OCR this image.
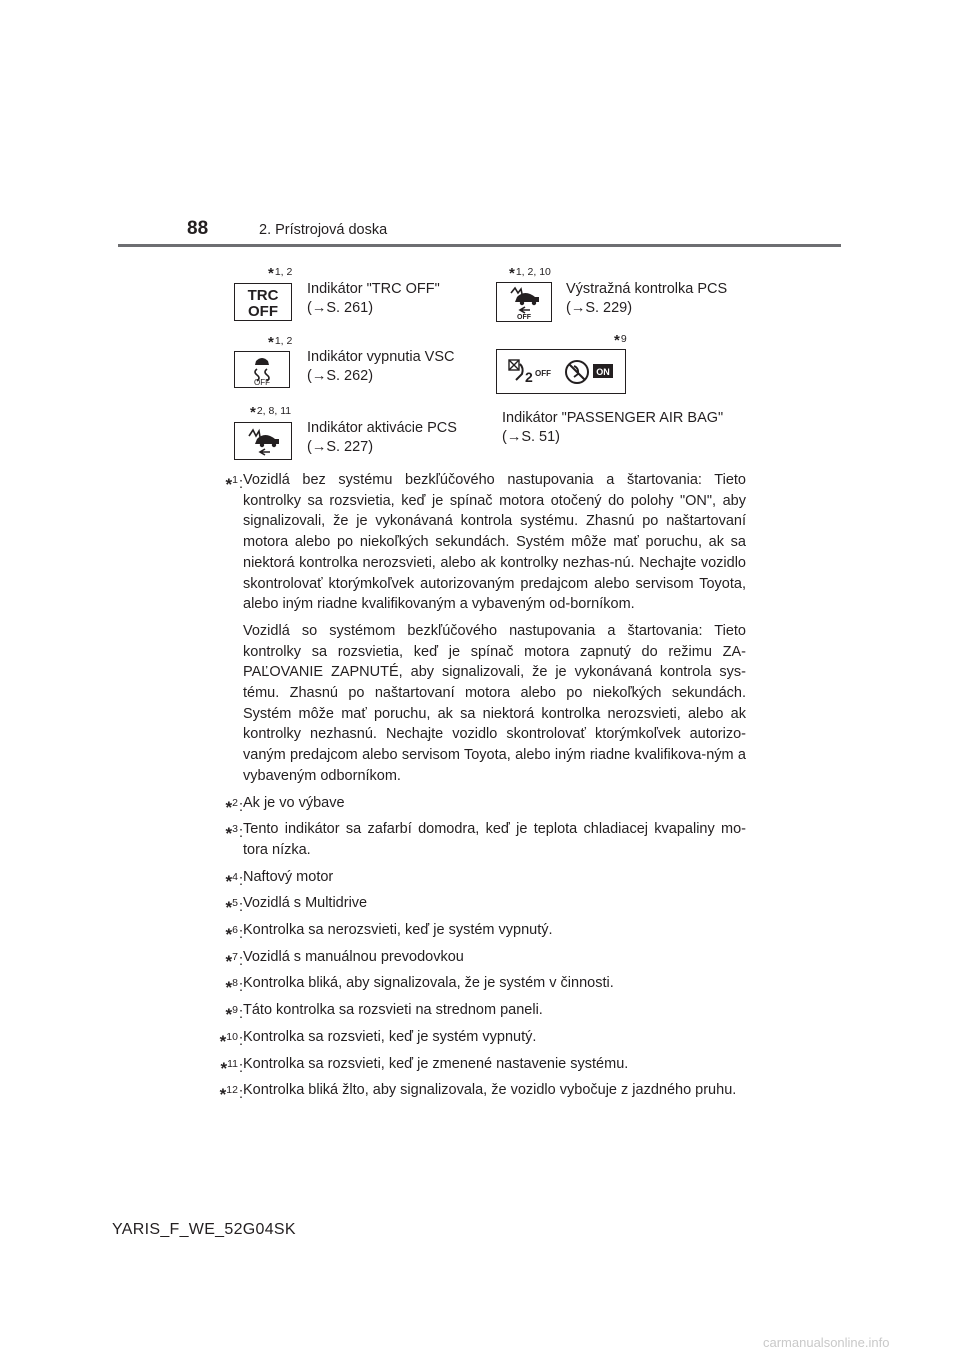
88	2. Prístrojová doska
*1, 2
TRC
OFF
Indikátor "TRC OFF"
(→S. 261)
*1, 2, 10
OFF
Výstražná kontrolka PCS
(→S. 229)
*1, 2
OFF
Indikátor vypnutia VSC
(→S. 262)
*9
2 OFF	ON
*2, 8, 11
Indikátor aktivácie PCS
(→S. 227)
Indikátor "PASSENGER AIR BAG"
(→S. 51)
*$^1$: Vozidlá bez systému bezkľúčového nastupovania a štartovania: Tieto kontrolky sa rozsvietia, keď je spínač motora otočený do polohy "ON", aby signalizovali, že je vykonávaná kontrola systému. Zhasnú po naštartovaní motora alebo po niekoľkých sekundách. Systém môže mať poruchu, ak sa niektorá kontrolka nerozsvieti, alebo ak kontrolky nezhas-nú. Nechajte vozidlo skontrolovať ktorýmkoľvek autorizovaným predajcom alebo servisom Toyota, alebo iným riadne kvalifikovaným a vybaveným od-borníkom.

Vozidlá so systémom bezkľúčového nastupovania a štartovania: Tieto kontrolky sa rozsvietia, keď je spínač motora zapnutý do režimu ZA-PAĽOVANIE ZAPNUTÉ, aby signalizovali, že je vykonávaná kontrola sys-tému. Zhasnú po naštartovaní motora alebo po niekoľkých sekundách. Systém môže mať poruchu, ak sa niektorá kontrolka nerozsvieti, alebo ak kontrolky nezhasnú. Nechajte vozidlo skontrolovať ktorýmkoľvek autorizo-vaným predajcom alebo servisom Toyota, alebo iným riadne kvalifikova-ným a vybaveným odborníkom.

*$^2$: Ak je vo výbave

*$^3$: Tento indikátor sa zafarbí domodra, keď je teplota chladiacej kvapaliny mo-tora nízka.

*$^4$: Naftový motor

*$^5$: Vozidlá s Multidrive

*$^6$: Kontrolka sa nerozsvieti, keď je systém vypnutý.

*$^7$: Vozidlá s manuálnou prevodovkou

*$^8$: Kontrolka bliká, aby signalizovala, že je systém v činnosti.

*$^9$: Táto kontrolka sa rozsvieti na strednom paneli.

*$^{10}$: Kontrolka sa rozsvieti, keď je systém vypnutý.

*$^{11}$: Kontrolka sa rozsvieti, keď je zmenené nastavenie systému.

*$^{12}$: Kontrolka bliká žlto, aby signalizovala, že vozidlo vybočuje z jazdného pruhu.

YARIS_F_WE_52G04SK
carmanualsonline.info
